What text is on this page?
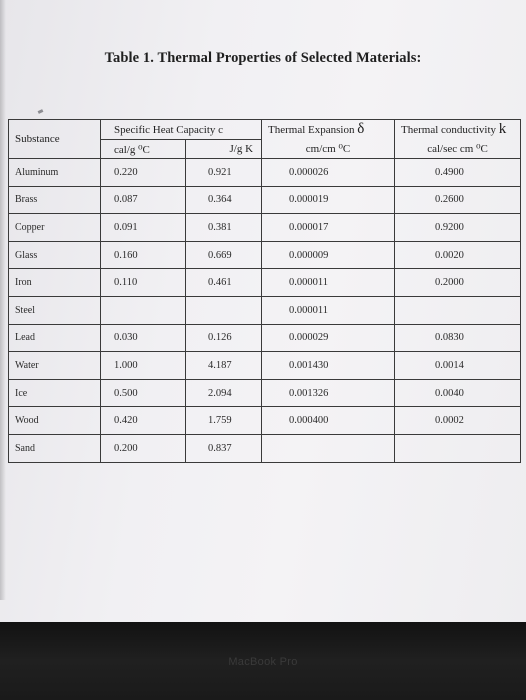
Table 1. Thermal Properties of Selected Materials:
Substance	Specific Heat Capacity c		Thermal Expansion δ	Thermal conductivity k
	cal/g ⁰C	J/g K	cm/cm ⁰C	cal/sec cm ⁰C
Aluminum	0.220	0.921	0.000026	0.4900
Brass	0.087	0.364	0.000019	0.2600
Copper	0.091	0.381	0.000017	0.9200
Glass	0.160	0.669	0.000009	0.0020
Iron	0.110	0.461	0.000011	0.2000
Steel			0.000011	
Lead	0.030	0.126	0.000029	0.0830
Water	1.000	4.187	0.001430	0.0014
Ice	0.500	2.094	0.001326	0.0040
Wood	0.420	1.759	0.000400	0.0002
Sand	0.200	0.837		
MacBook Pro
